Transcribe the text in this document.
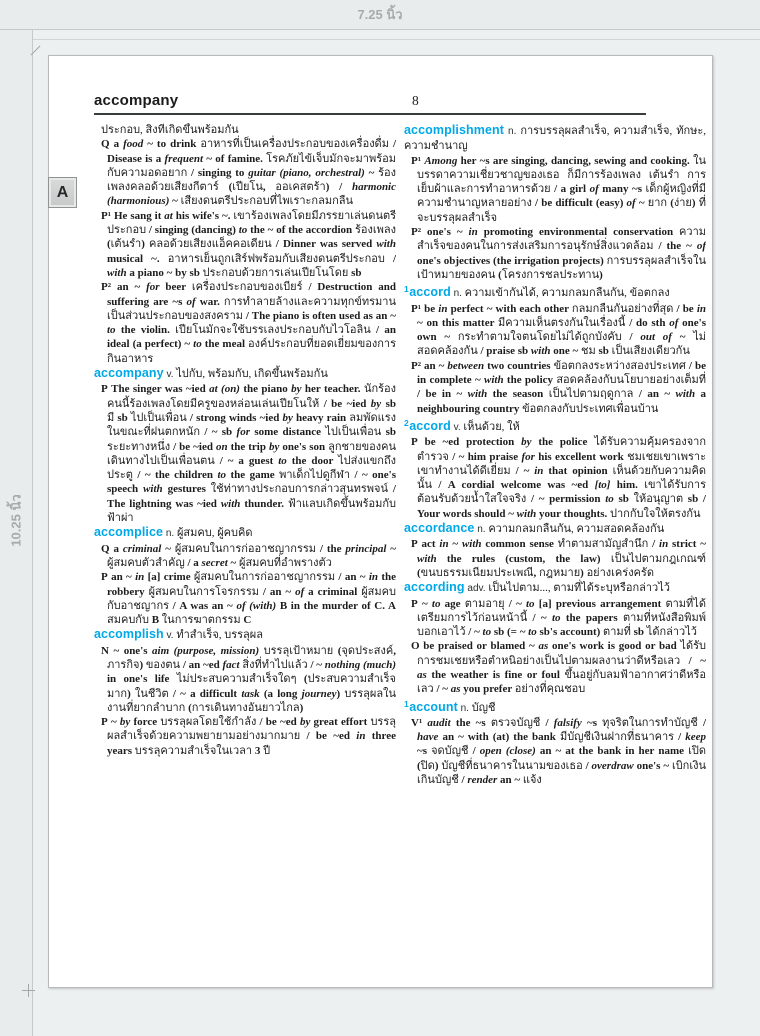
7.25 นิ้ว
10.25 นิ้ว
accompany	8
A
ประกอบ, สิ่งที่เกิดขึ้นพร้อมกัน
Q a food ~ to drink อาหารที่เป็นเครื่องประกอบของเครื่องดื่ม / Disease is a frequent ~ of famine. โรคภัยไข้เจ็บมักจะมาพร้อมกับความอดอยาก / singing to guitar (piano, orchestral) ~ ร้องเพลงคลอด้วยเสียงกีตาร์ (เปียโน, ออเคสตร้า) / harmonic (harmonious) ~ เสียงดนตรีประกอบที่ไพเราะกลมกลืน
P¹ He sang it at his wife's ~. เขาร้องเพลงโดยมีภรรยาเล่นดนตรีประกอบ / singing (dancing) to the ~ of the accordion ร้องเพลง (เต้นรำ) คลอด้วยเสียงแอ็คคอเดียน / Dinner was served with musical ~. อาหารเย็นถูกเสิร์ฟพร้อมกับเสียงดนตรีประกอบ / with a piano ~ by sb ประกอบด้วยการเล่นเปียโนโดย sb
P² an ~ for beer เครื่องประกอบของเบียร์ / Destruction and suffering are ~s of war. การทำลายล้างและความทุกข์ทรมานเป็นส่วนประกอบของสงคราม / The piano is often used as an ~ to the violin. เปียโนมักจะใช้บรรเลงประกอบกับไวโอลิน / an ideal (a perfect) ~ to the meal องค์ประกอบที่ยอดเยี่ยมของการกินอาหาร
accompany v. ไปกับ, พร้อมกับ, เกิดขึ้นพร้อมกัน
P The singer was ~ied at (on) the piano by her teacher. นักร้องคนนี้ร้องเพลงโดยมีครูของหล่อนเล่นเปียโนให้ / be ~ied by sb มี sb ไปเป็นเพื่อน / strong winds ~ied by heavy rain ลมพัดแรงในขณะที่ฝนตกหนัก / ~ sb for some distance ไปเป็นเพื่อน sb ระยะทางหนึ่ง / be ~ied on the trip by one's son ลูกชายของคนเดินทางไปเป็นเพื่อนตน / ~ a guest to the door ไปส่งแขกถึงประตู / ~ the children to the game พาเด็กไปดูกีฬา / ~ one's speech with gestures ใช้ท่าทางประกอบการกล่าวสุนทรพจน์ / The lightning was ~ied with thunder. ฟ้าแลบเกิดขึ้นพร้อมกับฟ้าผ่า
accomplice n. ผู้สมคบ, ผู้คบคิด
Q a criminal ~ ผู้สมคบในการก่ออาชญากรรม / the principal ~ ผู้สมคบตัวสำคัญ / a secret ~ ผู้สมคบที่อำพรางตัว
P an ~ in [a] crime ผู้สมคบในการก่ออาชญากรรม / an ~ in the robbery ผู้สมคบในการโจรกรรม / an ~ of a criminal ผู้สมคบกับอาชญากร / A was an ~ of (with) B in the murder of C. A สมคบกับ B ในการฆาตกรรม C
accomplish v. ทำสำเร็จ, บรรลุผล
N ~ one's aim (purpose, mission) บรรลุเป้าหมาย (จุดประสงค์, ภารกิจ) ของตน / an ~ed fact สิ่งที่ทำไปแล้ว / ~ nothing (much) in one's life ไม่ประสบความสำเร็จใดๆ (ประสบความสำเร็จมาก) ในชีวิต / ~ a difficult task (a long journey) บรรลุผลในงานที่ยากลำบาก (การเดินทางอันยาวไกล)
P ~ by force บรรลุผลโดยใช้กำลัง / be ~ed by great effort บรรลุผลสำเร็จด้วยความพยายามอย่างมากมาย / be ~ed in three years บรรลุความสำเร็จในเวลา 3 ปี
accomplishment n. การบรรลุผลสำเร็จ, ความสำเร็จ, ทักษะ, ความชำนาญ
P¹ Among her ~s are singing, dancing, sewing and cooking. ในบรรดาความเชี่ยวชาญของเธอ ก็มีการร้องเพลง เต้นรำ การเย็บผ้าและการทำอาหารด้วย / a girl of many ~s เด็กผู้หญิงที่มีความชำนาญหลายอย่าง / be difficult (easy) of ~ ยาก (ง่าย) ที่จะบรรลุผลสำเร็จ
P² one's ~ in promoting environmental conservation ความสำเร็จของคนในการส่งเสริมการอนุรักษ์สิ่งแวดล้อม / the ~ of one's objectives (the irrigation projects) การบรรลุผลสำเร็จในเป้าหมายของคน (โครงการชลประทาน)
$^1$accord n. ความเข้ากันได้, ความกลมกลืนกัน, ข้อตกลง
P¹ be in perfect ~ with each other กลมกลืนกันอย่างที่สุด / be in ~ on this matter มีความเห็นตรงกันในเรื่องนี้ / do sth of one's own ~ กระทำตามใจตนโดยไม่ได้ถูกบังคับ / out of ~ ไม่สอดคล้องกัน / praise sb with one ~ ชม sb เป็นเสียงเดียวกัน
P² an ~ between two countries ข้อตกลงระหว่างสองประเทศ / be in complete ~ with the policy สอดคล้องกับนโยบายอย่างเต็มที่ / be in ~ with the season เป็นไปตามฤดูกาล / an ~ with a neighbouring country ข้อตกลงกับประเทศเพื่อนบ้าน
$^2$accord v. เห็นด้วย, ให้
P be ~ed protection by the police ได้รับความคุ้มครองจากตำรวจ / ~ him praise for his excellent work ชมเชยเขาเพราะเขาทำงานได้ดีเยี่ยม / ~ in that opinion เห็นด้วยกับความคิดนั้น / A cordial welcome was ~ed [to] him. เขาได้รับการต้อนรับด้วยน้ำใสใจจริง / ~ permission to sb ให้อนุญาต sb / Your words should ~ with your thoughts. ปากกับใจให้ตรงกัน
accordance n. ความกลมกลืนกัน, ความสอดคล้องกัน
P act in ~ with common sense ทำตามสามัญสำนึก / in strict ~ with the rules (custom, the law) เป็นไปตามกฎเกณฑ์ (ขนบธรรมเนียมประเพณี, กฎหมาย) อย่างเคร่งครัด
according adv. เป็นไปตาม..., ตามที่ได้ระบุหรือกล่าวไว้
P ~ to age ตามอายุ / ~ to [a] previous arrangement ตามที่ได้เตรียมการไว้ก่อนหน้านี้ / ~ to the papers ตามที่หนังสือพิมพ์บอกเอาไว้ / ~ to sb (= ~ to sb's account) ตามที่ sb ได้กล่าวไว้
O be praised or blamed ~ as one's work is good or bad ได้รับการชมเชยหรือตำหนิอย่างเป็นไปตามผลงานว่าดีหรือเลว / ~ as the weather is fine or foul ขึ้นอยู่กับลมฟ้าอากาศว่าดีหรือเลว / ~ as you prefer อย่างที่คุณชอบ
$^1$account n. บัญชี
V¹ audit the ~s ตรวจบัญชี / falsify ~s ทุจริตในการทำบัญชี / have an ~ with (at) the bank มีบัญชีเงินฝากที่ธนาคาร / keep ~s จดบัญชี / open (close) an ~ at the bank in her name เปิด (ปิด) บัญชีที่ธนาคารในนามของเธอ / overdraw one's ~ เบิกเงินเกินบัญชี / render an ~ แจ้ง
